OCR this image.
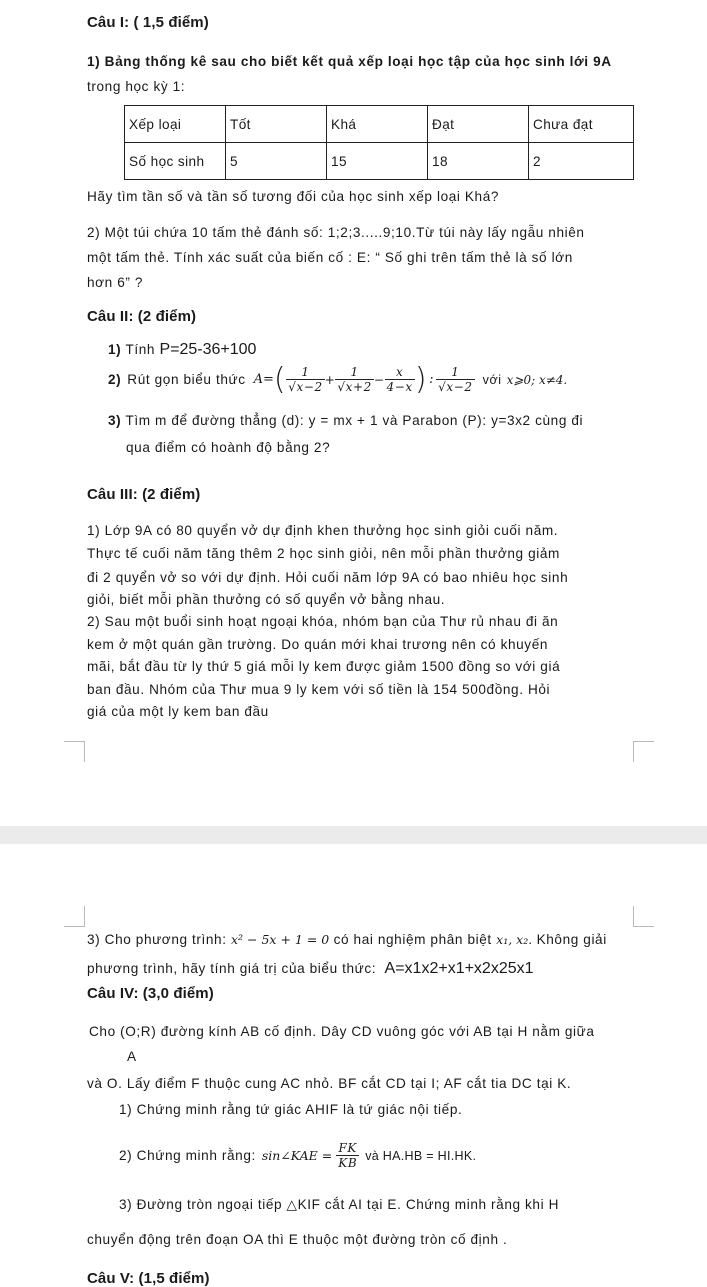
Câu I: ( 1,5 điểm)
1) Bảng thống kê sau cho biết kết quả xếp loại học tập của học sinh lới 9A
trong học kỳ 1:
Xếp loại	Tốt	Khá	Đạt	Chưa đạt
Số học sinh	5	15	18	2
Hãy tìm tần số và tần số tương đối của học sinh xếp loại Khá?
2) Một túi chứa 10 tấm thẻ đánh số: 1;2;3.....9;10.Từ túi này lấy ngẫu nhiên
một tấm thẻ. Tính xác suất của biến cố : E: “ Số ghi trên tấm thẻ là số lớn
hơn 6” ?
Câu II: (2 điểm)
1) Tính P=25-36+100
2) Rút gọn biểu thức A= ( $\frac{1}{√x-2} + \frac{1}{√x+2} - \frac{x}{4-x}$ ) : $\frac{1}{√x-2}$ với x⩾0; x≠4.
3) Tìm m để đường thẳng (d): y = mx + 1 và Parabon (P): y=3x2 cùng đi
qua điểm có hoành độ bằng 2?
Câu III: (2 điểm)
1) Lớp 9A có 80 quyển vở dự định khen thưởng học sinh giỏi cuối năm.
Thực tế cuối năm tăng thêm 2 học sinh giỏi, nên mỗi phần thưởng giảm
đi 2 quyển vở so với dự định. Hỏi cuối năm lớp 9A có bao nhiêu học sinh
giỏi, biết mỗi phần thưởng có số quyển vở bằng nhau.
2) Sau một buổi sinh hoạt ngoại khóa, nhóm bạn của Thư rủ nhau đi ăn
kem ở một quán gần trường. Do quán mới khai trương nên có khuyến
mãi, bắt đầu từ ly thứ 5 giá mỗi ly kem được giảm 1500 đồng so với giá
ban đầu. Nhóm của Thư mua 9 ly kem với số tiền là 154 500đồng. Hỏi
giá của một ly kem ban đầu
3) Cho phương trình: x² − 5x + 1 = 0 có hai nghiệm phân biệt x₁, x₂. Không giải
phương trình, hãy tính giá trị của biểu thức: A=x1x2+x1+x2x25x1
Câu IV: (3,0 điểm)
Cho (O;R) đường kính AB cố định. Dây CD vuông góc với AB tại H nằm giữa
A
và O. Lấy điểm F thuộc cung AC nhỏ. BF cắt CD tại I; AF cắt tia DC tại K.
1) Chứng minh rằng tứ giác AHIF là tứ giác nội tiếp.
2) Chứng minh rằng: sin∠KAE = $\frac{FK}{KB}$ và HA.HB = HI.HK.
3) Đường tròn ngoại tiếp △KIF cắt AI tại E. Chứng minh rằng khi H
chuyển động trên đoạn OA thì E thuộc một đường tròn cố định .
Câu V: (1,5 điểm)
